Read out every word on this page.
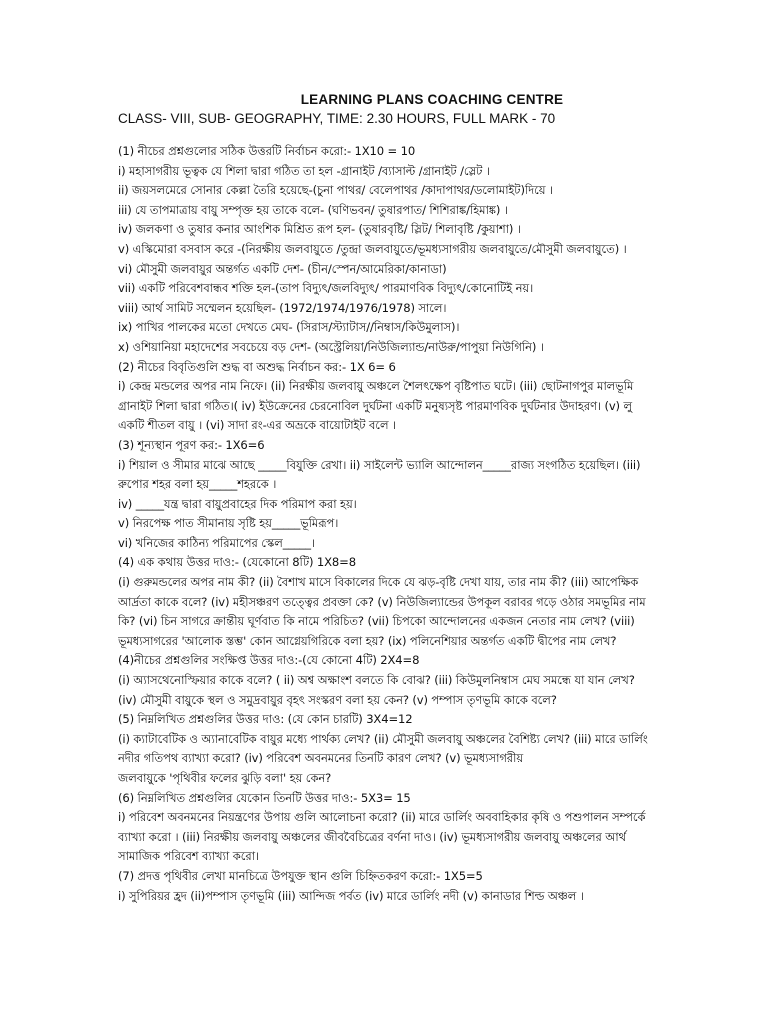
LEARNING PLANS COACHING CENTRE
CLASS- VIII, SUB- GEOGRAPHY, TIME: 2.30 HOURS, FULL MARK - 70
(1) নীচের প্রশ্নগুলোর সঠিক উত্তরটি নির্বাচন করো:- 1X10 = 10
i) মহাসাগরীয় ভূত্বক যে শিলা দ্বারা গঠিত তা হল -গ্রানাইট /ব্যাসাল্ট /গ্রানাইট /স্লেট ।
ii) জয়সলমেরে সোনার কেল্লা তৈরি হয়েছে-(চুনা পাথর/ বেলেপাথর /কাদাপাথর/ডলোমাইট)দিয়ে ।
iii) যে তাপমাত্রায় বায়ু সম্পৃক্ত হয় তাকে বলে- (ঘণিভবন/ তুষারপাত/ শিশিরাঙ্ক/হিমাঙ্ক) ।
iv) জলকণা ও তুষার কনার আংশিক মিশ্রিত রূপ হল- (তুষারবৃষ্টি/ স্লিট/ শিলাবৃষ্টি /কুয়াশা) ।
v) এস্কিমোরা বসবাস করে -(নিরক্ষীয় জলবায়ুতে /তুন্দ্রা জলবায়ুতে/ভূমধ্যসাগরীয় জলবায়ুতে/মৌসুমী জলবায়ুতে) ।
vi) মৌসুমী জলবায়ুর অন্তর্গত একটি দেশ- (চীন/স্পেন/আমেরিকা/কানাডা)
vii) একটি পরিবেশবান্ধব শক্তি হল-(তাপ বিদ্যুৎ/জলবিদ্যুৎ/ পারমাণবিক বিদ্যুৎ/কোনোটিই নয়।
viii) আর্থ সামিট সম্মেলন হয়েছিল- (1972/1974/1976/1978) সালে।
ix) পাখির পালকের মতো দেখতে মেঘ- (সিরাস/স্ট্যাটাস//নিম্বাস/কিউমুলাস)।
x) ওশিয়ানিয়া মহাদেশের সবচেয়ে বড় দেশ- (অস্ট্রেলিয়া/নিউজিল্যান্ড/নাউরু/পাপুয়া নিউগিনি) ।
(2) নীচের বিবৃতিগুলি শুদ্ধ বা অশুদ্ধ নির্বাচন কর:- 1X 6= 6
i) কেন্দ্র মন্ডলের অপর নাম নিফে। (ii) নিরক্ষীয় জলবায়ু অঞ্চলে শৈলৎক্ষেপ বৃষ্টিপাত ঘটে। (iii) ছোটনাগপুর মালভূমি
গ্রানাইট শিলা দ্বারা গঠিত।( iv) ইউক্রেনের চেরনোবিল দুর্ঘটনা একটি মনুষ্যসৃষ্ট পারমাণবিক দুর্ঘটনার উদাহরণ। (v) লু
একটি শীতল বায়ু । (vi) সাদা রং-এর অভ্রকে বায়োটাইট বলে ।
(3) শূন্যস্থান পূরণ কর:- 1X6=6
i) শিয়াল ও সীমার মাঝে আছে _____বিযুক্তি রেখা। ii) সাইলেন্ট ভ্যালি আন্দোলন_____রাজ্য সংগঠিত হয়েছিল। (iii)
রুপোর শহর বলা হয়_____শহরকে ।
iv) _____যন্ত্র দ্বারা বায়ুপ্রবাহের দিক পরিমাপ করা হয়।
v) নিরপেক্ষ পাত সীমানায় সৃষ্টি হয়_____ভূমিরূপ।
vi) খনিজের কাঠিন্য পরিমাপের স্কেল_____।
(4) এক কথায় উত্তর দাও:- (যেকোনো 8টি) 1X8=8
(i) গুরুমন্ডলের অপর নাম কী? (ii) বৈশাখ মাসে বিকালের দিকে যে ঝড়-বৃষ্টি দেখা যায়, তার নাম কী? (iii) আপেক্ষিক
আর্দ্রতা কাকে বলে? (iv) মহীসঞ্চরণ তত্ত্বের প্রবক্তা কে? (v) নিউজিল্যান্ডের উপকূল বরাবর গড়ে ওঠার সমভূমির নাম
কি? (vi) চিন সাগরে ক্রান্তীয় ঘূর্ণবাত কি নামে পরিচিত? (vii) চিপকো আন্দোলনের একজন নেতার নাম লেখ? (viii)
ভূমধ্যসাগরের 'আলোক স্তম্ভ' কোন আগ্নেয়গিরিকে বলা হয়? (ix) পলিনেশিয়ার অন্তর্গত একটি দ্বীপের নাম লেখ?
(4)নীচের প্রশ্নগুলির সংক্ষিপ্ত উত্তর দাও:-(যে কোনো 4টি) 2X4=8
(i) অ্যাসথেনোস্ফিয়ার কাকে বলে? ( ii) অশ্ব অক্ষাংশ বলতে কি বোঝ? (iii) কিউমুলনিম্বাস মেঘ সমন্ধে যা যান লেখ?
(iv) মৌসুমী বায়ুকে স্থল ও সমুদ্রবায়ুর বৃহৎ সংস্করণ বলা হয় কেন? (v) পম্পাস তৃণভূমি কাকে বলে?
(5) নিম্নলিখিত প্রশ্নগুলির উত্তর দাও: (যে কোন চারটি) 3X4=12
(i) ক্যাটাবেটিক ও অ্যানাবেটিক বায়ুর মধ্যে পার্থক্য লেখ? (ii) মৌসুমী জলবায়ু অঞ্চলের বৈশিষ্ট্য লেখ? (iii) মারে ডার্লিং
নদীর গতিপথ ব্যাখ্যা করো? (iv) পরিবেশ অবনমনের তিনটি কারণ লেখ? (v) ভূমধ্যসাগরীয়
জলবায়ুকে 'পৃথিবীর ফলের ঝুড়ি বলা' হয় কেন?
(6) নিম্নলিখিত প্রশ্নগুলির যেকোন তিনটি উত্তর দাও:- 5X3= 15
i) পরিবেশ অবনমনের নিয়ন্ত্রণের উপায় গুলি আলোচনা করো? (ii) মারে ডার্লিং অববাহিকার কৃষি ও পশুপালন সম্পর্কে
ব্যাখ্যা করো । (iii) নিরক্ষীয় জলবায়ু অঞ্চলের জীববৈচিত্রের বর্ণনা দাও। (iv) ভূমধ্যসাগরীয় জলবায়ু অঞ্চলের আর্থ
সামাজিক পরিবেশ ব্যাখ্যা করো।
(7) প্রদত্ত পৃথিবীর লেখা মানচিত্রে উপযুক্ত স্থান গুলি চিহ্নিতকরণ করো:- 1X5=5
i) সুপিরিয়র হ্রদ (ii)পম্পাস তৃণভূমি (iii) আন্দিজ পর্বত (iv) মারে ডার্লিং নদী (v) কানাডার শিল্ড অঞ্চল ।
